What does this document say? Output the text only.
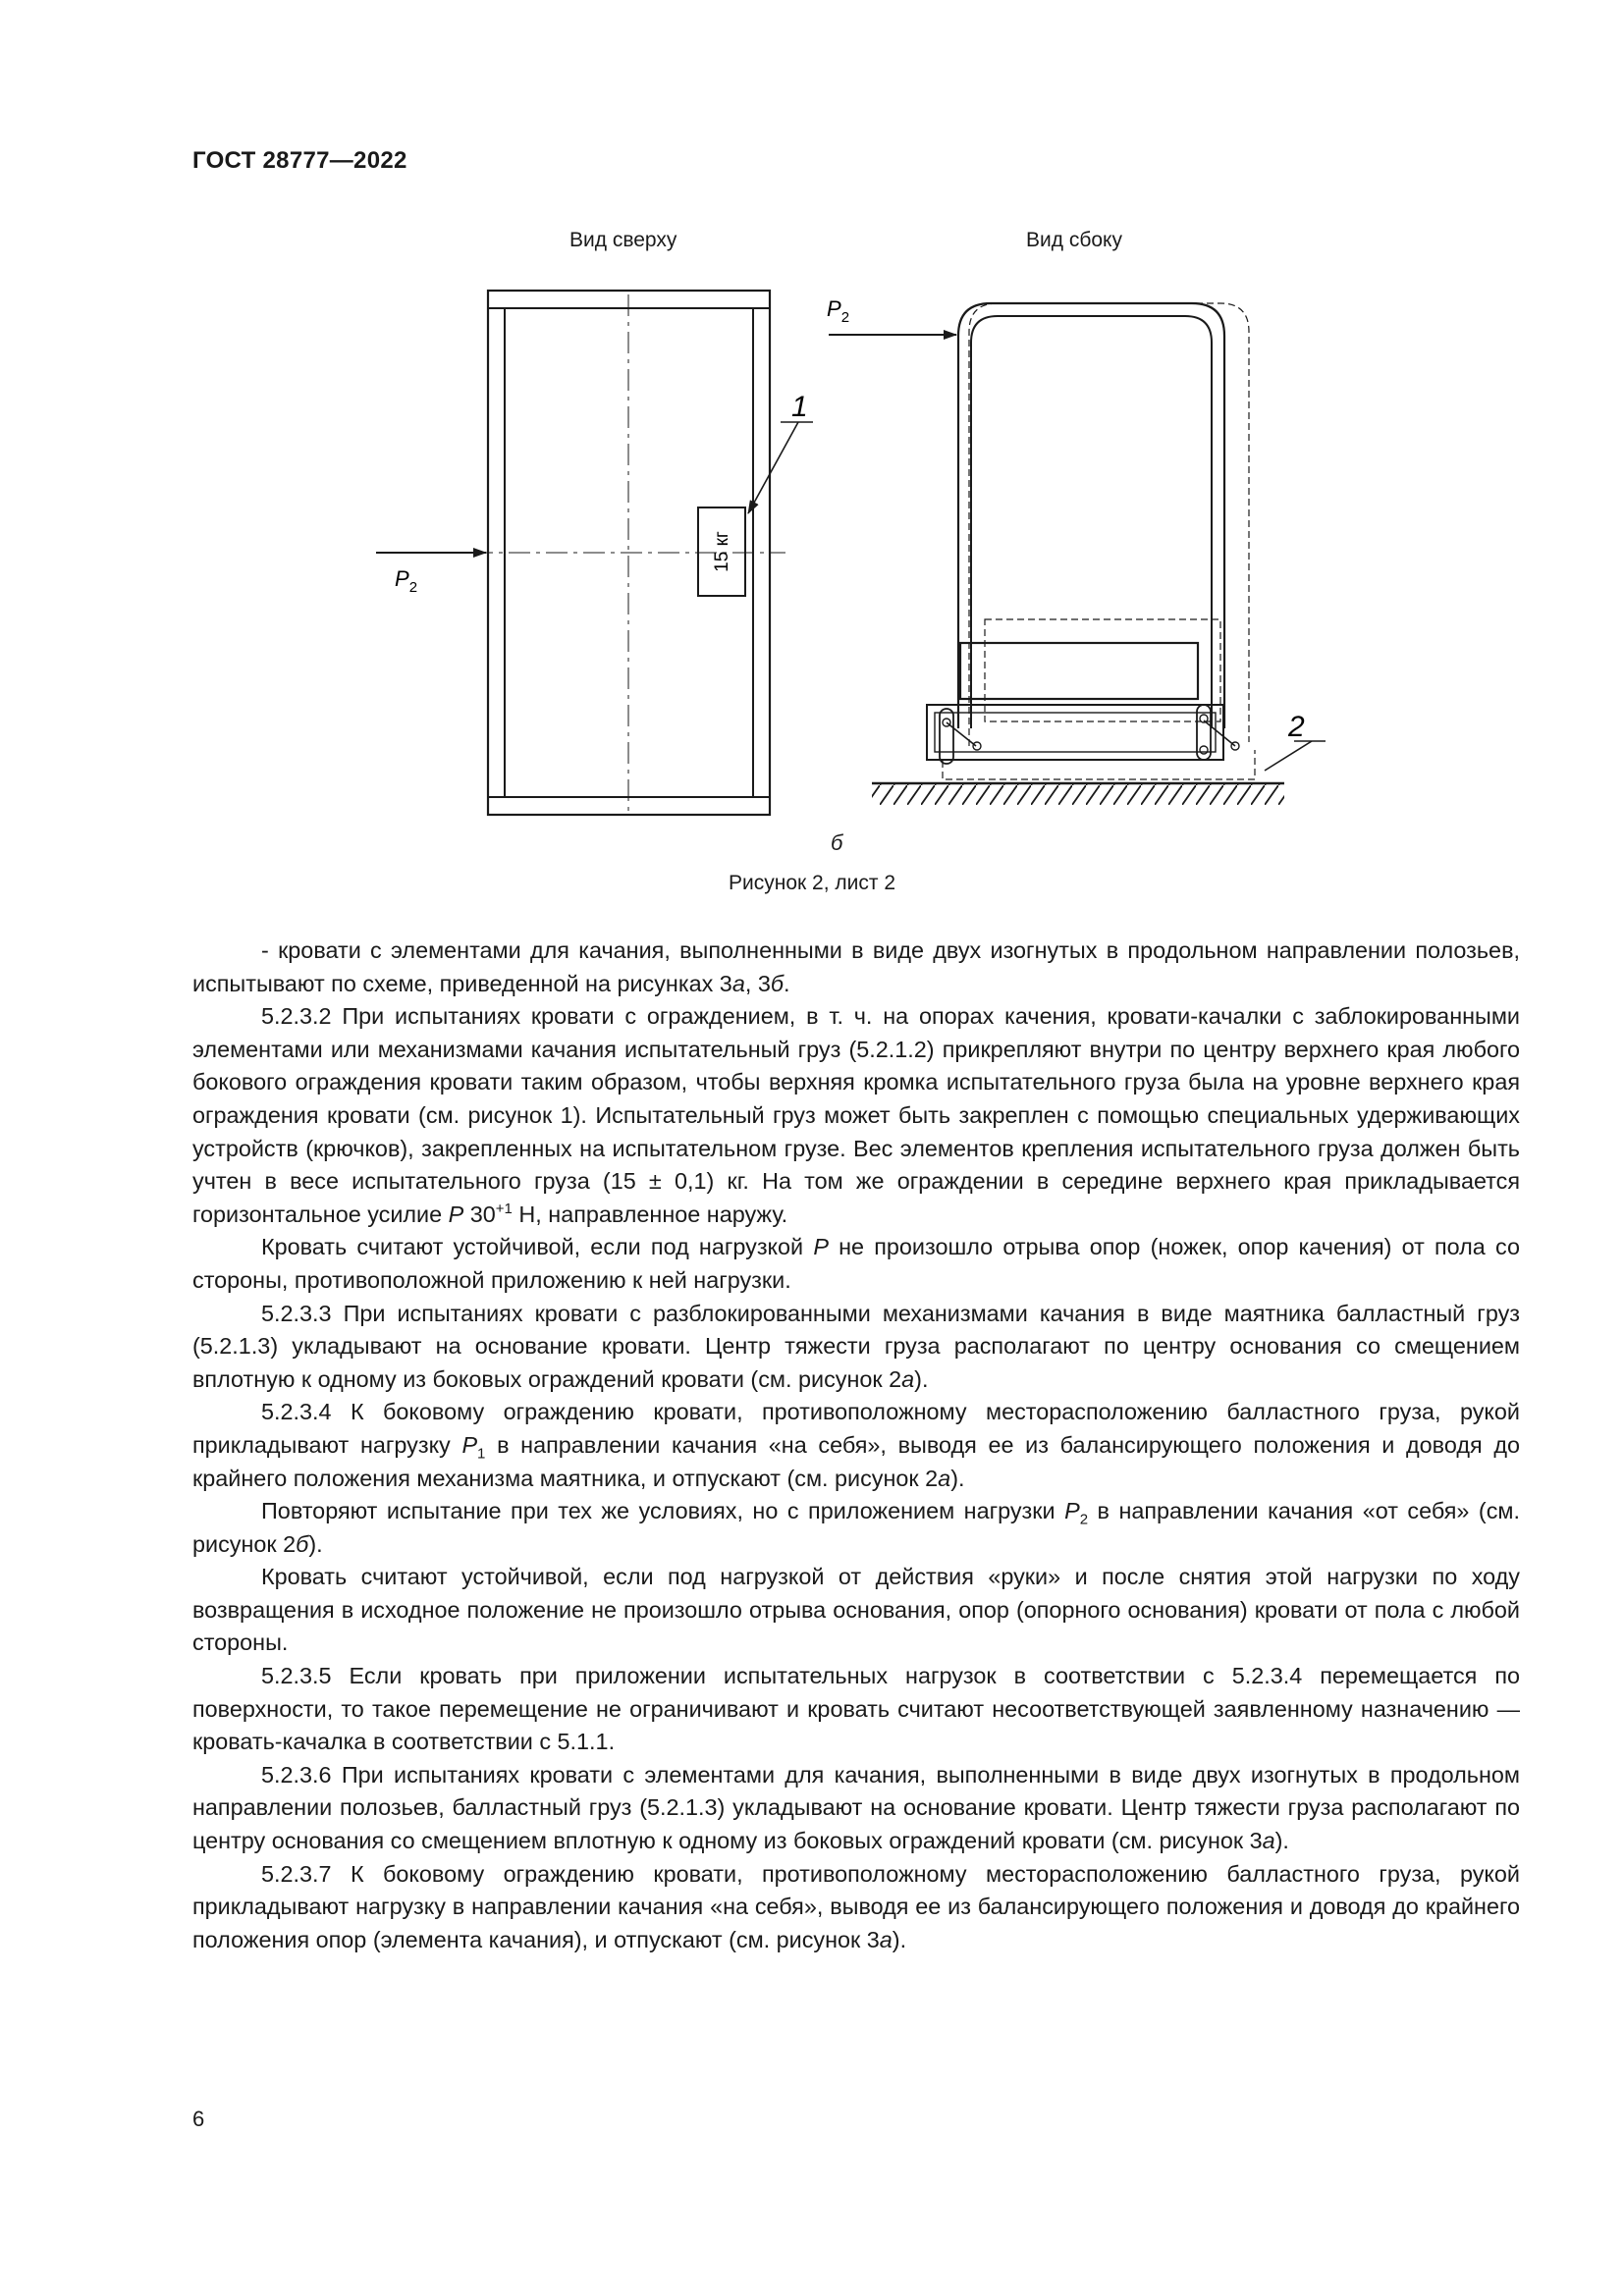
ГОСТ 28777—2022
Вид сверху	Вид сбоку
15 кг
1
$P_2$
2
$P_2$
б
Рисунок 2, лист 2

- кровати с элементами для качания, выполненными в виде двух изогнутых в продольном направлении полозьев, испытывают по схеме, приведенной на рисунках 3а, 3б.

5.2.3.2 При испытаниях кровати с ограждением, в т. ч. на опорах качения, кровати-качалки с заблокированными элементами или механизмами качания испытательный груз (5.2.1.2) прикрепляют внутри по центру верхнего края любого бокового ограждения кровати таким образом, чтобы верхняя кромка испытательного груза была на уровне верхнего края ограждения кровати (см. рисунок 1). Испытательный груз может быть закреплен с помощью специальных удерживающих устройств (крючков), закрепленных на испытательном грузе. Вес элементов крепления испытательного груза должен быть учтен в весе испытательного груза (15 ± 0,1) кг. На том же ограждении в середине верхнего края прикладывается горизонтальное усилие P $30^{+1}$ Н, направленное наружу.

Кровать считают устойчивой, если под нагрузкой P не произошло отрыва опор (ножек, опор качения) от пола со стороны, противоположной приложению к ней нагрузки.

5.2.3.3 При испытаниях кровати с разблокированными механизмами качания в виде маятника балластный груз (5.2.1.3) укладывают на основание кровати. Центр тяжести груза располагают по центру основания со смещением вплотную к одному из боковых ограждений кровати (см. рисунок 2а).

5.2.3.4 К боковому ограждению кровати, противоположному месторасположению балластного груза, рукой прикладывают нагрузку $P_1$ в направлении качания «на себя», выводя ее из балансирующего положения и доводя до крайнего положения механизма маятника, и отпускают (см. рисунок 2а).

Повторяют испытание при тех же условиях, но с приложением нагрузки $P_2$ в направлении качания «от себя» (см. рисунок 2б).

Кровать считают устойчивой, если под нагрузкой от действия «руки» и после снятия этой нагрузки по ходу возвращения в исходное положение не произошло отрыва основания, опор (опорного основания) кровати от пола с любой стороны.

5.2.3.5 Если кровать при приложении испытательных нагрузок в соответствии с 5.2.3.4 перемещается по поверхности, то такое перемещение не ограничивают и кровать считают несоответствующей заявленному назначению — кровать-качалка в соответствии с 5.1.1.

5.2.3.6 При испытаниях кровати с элементами для качания, выполненными в виде двух изогнутых в продольном направлении полозьев, балластный груз (5.2.1.3) укладывают на основание кровати. Центр тяжести груза располагают по центру основания со смещением вплотную к одному из боковых ограждений кровати (см. рисунок 3а).

5.2.3.7 К боковому ограждению кровати, противоположному месторасположению балластного груза, рукой прикладывают нагрузку в направлении качания «на себя», выводя ее из балансирующего положения и доводя до крайнего положения опор (элемента качания), и отпускают (см. рисунок 3а).

6
